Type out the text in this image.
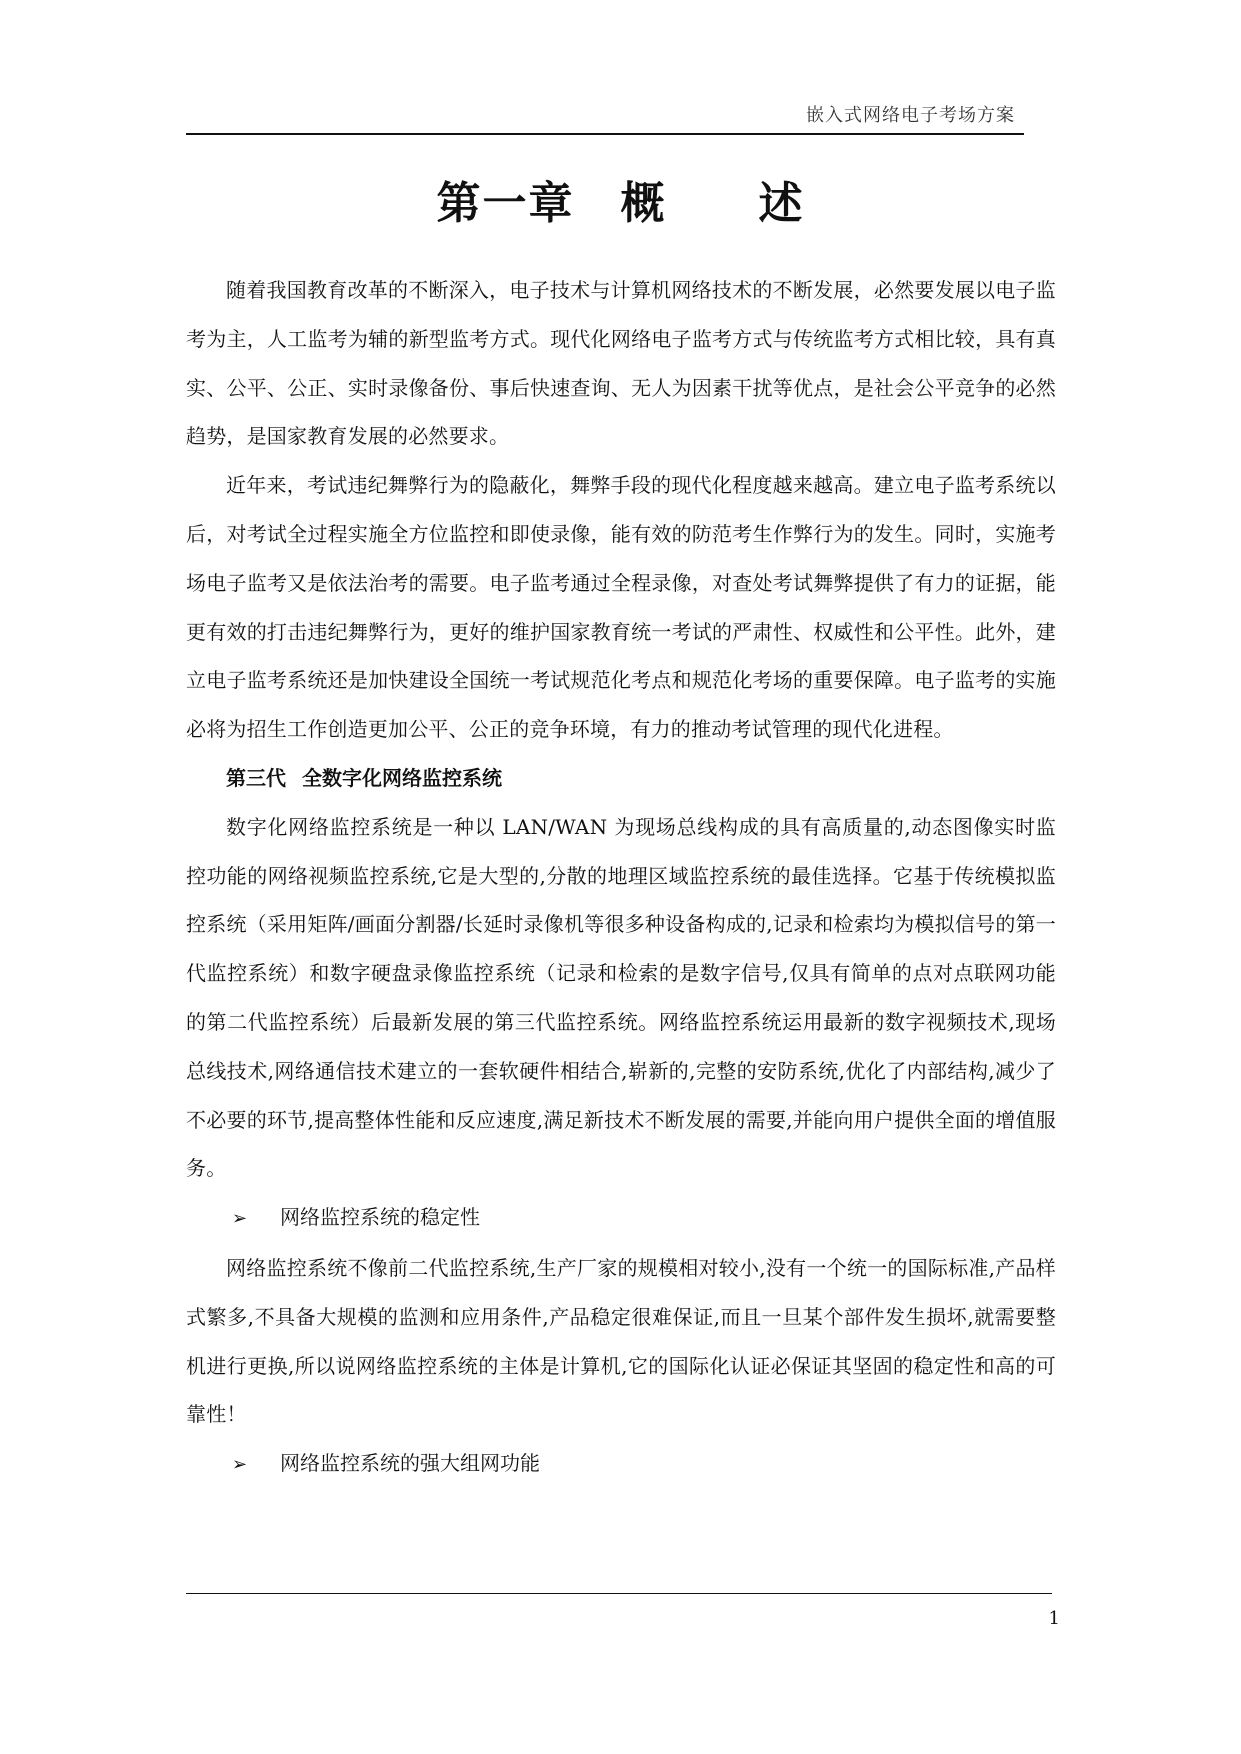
嵌入式网络电子考场方案
第一章　概　　述

随着我国教育改革的不断深入，电子技术与计算机网络技术的不断发展，必然要发展以电子监考为主，人工监考为辅的新型监考方式。现代化网络电子监考方式与传统监考方式相比较，具有真实、公平、公正、实时录像备份、事后快速查询、无人为因素干扰等优点，是社会公平竞争的必然趋势，是国家教育发展的必然要求。

近年来，考试违纪舞弊行为的隐蔽化，舞弊手段的现代化程度越来越高。建立电子监考系统以后，对考试全过程实施全方位监控和即使录像，能有效的防范考生作弊行为的发生。同时，实施考场电子监考又是依法治考的需要。电子监考通过全程录像，对查处考试舞弊提供了有力的证据，能更有效的打击违纪舞弊行为，更好的维护国家教育统一考试的严肃性、权威性和公平性。此外，建立电子监考系统还是加快建设全国统一考试规范化考点和规范化考场的重要保障。电子监考的实施必将为招生工作创造更加公平、公正的竞争环境，有力的推动考试管理的现代化进程。

第三代 全数字化网络监控系统

数字化网络监控系统是一种以 LAN/WAN 为现场总线构成的具有高质量的,动态图像实时监控功能的网络视频监控系统,它是大型的,分散的地理区域监控系统的最佳选择。它基于传统模拟监控系统（采用矩阵/画面分割器/长延时录像机等很多种设备构成的,记录和检索均为模拟信号的第一代监控系统）和数字硬盘录像监控系统（记录和检索的是数字信号,仅具有简单的点对点联网功能的第二代监控系统）后最新发展的第三代监控系统。网络监控系统运用最新的数字视频技术,现场总线技术,网络通信技术建立的一套软硬件相结合,崭新的,完整的安防系统,优化了内部结构,减少了不必要的环节,提高整体性能和反应速度,满足新技术不断发展的需要,并能向用户提供全面的增值服务。

➢ 网络监控系统的稳定性

网络监控系统不像前二代监控系统,生产厂家的规模相对较小,没有一个统一的国际标准,产品样式繁多,不具备大规模的监测和应用条件,产品稳定很难保证,而且一旦某个部件发生损坏,就需要整机进行更换,所以说网络监控系统的主体是计算机,它的国际化认证必保证其坚固的稳定性和高的可靠性！

➢ 网络监控系统的强大组网功能
1
